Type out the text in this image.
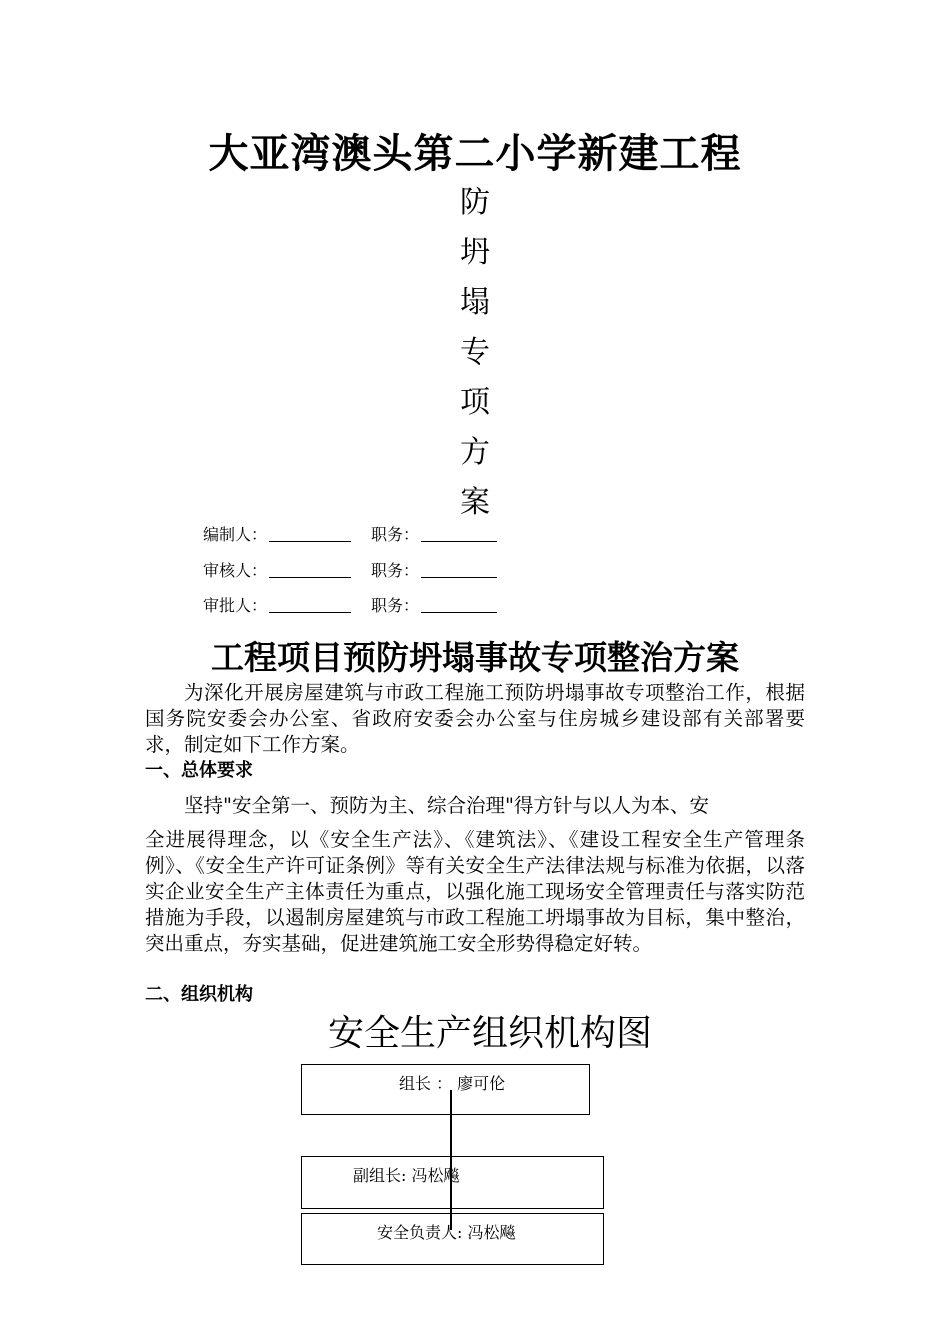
大亚湾澳头第二小学新建工程
防
坍
塌
专
项
方
案
编制人：	职务：
审核人：	职务：
审批人：	职务：
工程项目预防坍塌事故专项整治方案
为深化开展房屋建筑与市政工程施工预防坍塌事故专项整治工作，根据国务院安委会办公室、省政府安委会办公室与住房城乡建设部有关部署要求，制定如下工作方案。
一、总体要求
坚持"安全第一、预防为主、综合治理"得方针与以人为本、安
全进展得理念，以《安全生产法》、《建筑法》、《建设工程安全生产管理条例》、《安全生产许可证条例》等有关安全生产法律法规与标准为依据，以落实企业安全生产主体责任为重点，以强化施工现场安全管理责任与落实防范措施为手段，以遏制房屋建筑与市政工程施工坍塌事故为目标，集中整治，突出重点，夯实基础，促进建筑施工安全形势得稳定好转。
二、组织机构
安全生产组织机构图
组长 ： 廖可伦
副组长: 冯松飚
安全负责人: 冯松飚
